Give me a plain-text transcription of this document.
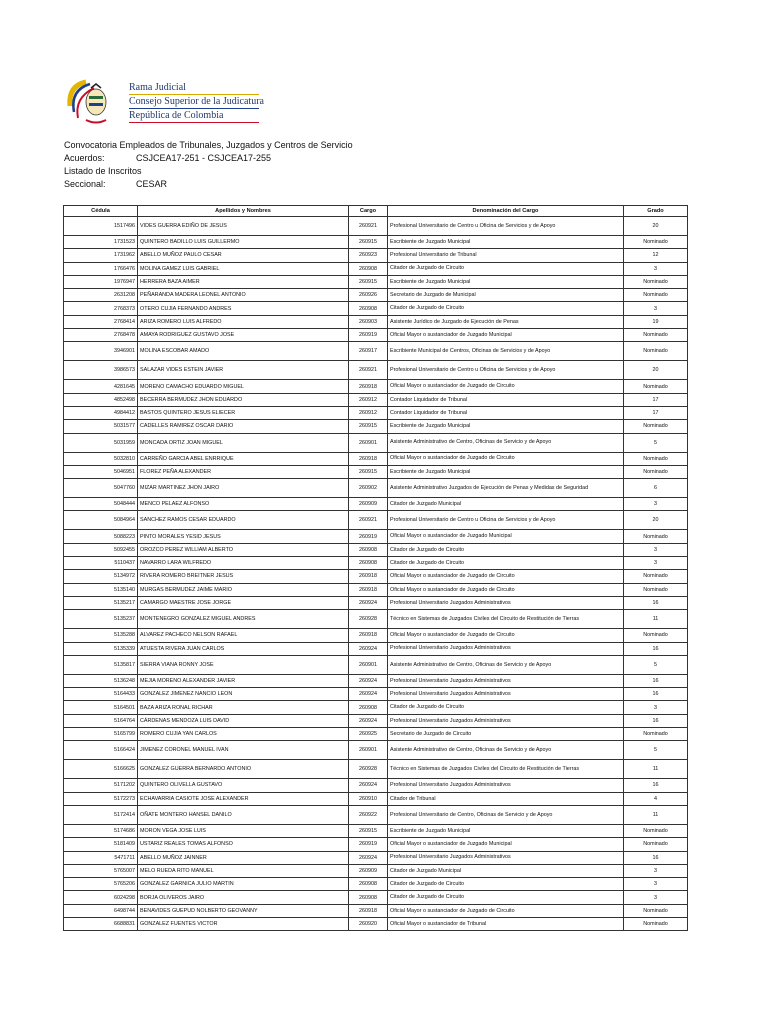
Rama Judicial
Consejo Superior de la Judicatura
República de Colombia
Convocatoria Empleados de Tribunales, Juzgados y Centros de Servicio
Acuerdos:	CSJCEA17-251 - CSJCEA17-255
Listado de Inscritos
Seccional:	CESAR
Cédula	Apellidos y Nombres	Cargo	Denominación del Cargo	Grado
1517496	VIDES GUERRA EDIÑO DE JESUS	260921	Profesional Universitario de Centro u Oficina de Servicios y de Apoyo	20
1731523	QUINTERO BADILLO LUIS GUILLERMO	260915	Escribiente de Juzgado Municipal	Nominado
1731962	ABELLO MUÑOZ PAULO CESAR	260923	Profesional Universitario de Tribunal	12
1766476	MOLINA GAMEZ LUIS GABRIEL	260908	Citador de Juzgado de Circuito	3
1976947	HERRERA BAZA AIMER	260915	Escribiente de Juzgado Municipal	Nominado
2631208	PEÑARANDA MADERA LEONEL ANTONIO	260926	Secretario de Juzgado de Municipal	Nominado
2768373	OTERO CUJIA FERNANDO ANDRES	260908	Citador de Juzgado de Circuito	3
2768414	ARIZA ROMERO LUIS ALFREDO	260903	Asistente Jurídico de Juzgado de Ejecución de Penas	19
2768478	AMAYA RODRIGUEZ GUSTAVO JOSE	260919	Oficial Mayor o sustanciador de Juzgado Municipal	Nominado
3946901	MOLINA ESCOBAR AMADO	260917	Escribiente Municipal de Centros, Oficinas de Servicios y de Apoyo	Nominado
3986573	SALAZAR VIDES ESTEIN JAVIER	260921	Profesional Universitario de Centro u Oficina de Servicios y de Apoyo	20
4281645	MORENO CAMACHO EDUARDO MIGUEL	260918	Oficial Mayor o sustanciador de Juzgado de Circuito	Nominado
4852498	BECERRA BERMUDEZ JHON EDUARDO	260912	Contador Liquidador de Tribunal	17
4984412	BASTOS QUINTERO JESUS ELIECER	260912	Contador Liquidador de Tribunal	17
5031577	CADELLES RAMIREZ OSCAR DARIO	260915	Escribiente de Juzgado Municipal	Nominado
5031959	MONCADA ORTIZ JOAN MIGUEL	260901	Asistente Administrativo de Centro, Oficinas de Servicio y de Apoyo	5
5032810	CARREÑO GARCIA ABEL ENRRIQUE	260918	Oficial Mayor o sustanciador de Juzgado de Circuito	Nominado
5046951	FLOREZ PEÑA ALEXANDER	260915	Escribiente de Juzgado Municipal	Nominado
5047760	MIZAR MARTINEZ JHON JAIRO	260902	Asistente Administrativo Juzgados de Ejecución de Penas y Medidas de Seguridad	6
5048444	MENCO PELAEZ ALFONSO	260909	Citador de Juzgado Municipal	3
5084964	SANCHEZ RAMOS CESAR EDUARDO	260921	Profesional Universitario de Centro u Oficina de Servicios y de Apoyo	20
5088223	PINTO MORALES YESID JESUS	260919	Oficial Mayor o sustanciador de Juzgado Municipal	Nominado
5092455	OROZCO PEREZ WILLIAM ALBERTO	260908	Citador de Juzgado de Circuito	3
5110437	NAVARRO LARA WILFREDO	260908	Citador de Juzgado de Circuito	3
5134972	RIVERA ROMERO BREITNER JESUS	260918	Oficial Mayor o sustanciador de Juzgado de Circuito	Nominado
5135140	MURGAS BERMUDEZ JAIME MARIO	260918	Oficial Mayor o sustanciador de Juzgado de Circuito	Nominado
5135217	CAMARGO MAESTRE JOSE JORGE	260924	Profesional Universitario Juzgados Administrativos	16
5135237	MONTENEGRO GONZALEZ MIGUEL ANDRES	260928	Técnico en Sistemas de Juzgados Civiles del Circuito de Restitución de Tierras	11
5135288	ALVAREZ PACHECO NELSON RAFAEL	260918	Oficial Mayor o sustanciador de Juzgado de Circuito	Nominado
5135339	ATUESTA RIVERA JUAN CARLOS	260924	Profesional Universitario Juzgados Administrativos	16
5135817	SIERRA VIANA RONNY JOSE	260901	Asistente Administrativo de Centro, Oficinas de Servicio y de Apoyo	5
5136248	MEJIA MORENO ALEXANDER JAVIER	260924	Profesional Universitario Juzgados Administrativos	16
5164433	GONZALEZ JIMENEZ NANCIO LEON	260924	Profesional Universitario Juzgados Administrativos	16
5164501	BAZA ARIZA RONAL RICHAR	260908	Citador de Juzgado de Circuito	3
5164764	CÁRDENAS MENDOZA LUIS DAVID	260924	Profesional Universitario Juzgados Administrativos	16
5165799	ROMERO CUJIA YAN CARLOS	260925	Secretario de Juzgado de Circuito	Nominado
5166424	JIMENEZ CORONEL MANUEL IVAN	260901	Asistente Administrativo de Centro, Oficinas de Servicio y de Apoyo	5
5166625	GONZALEZ GUERRA BERNARDO ANTONIO	260928	Técnico en Sistemas de Juzgados Civiles del Circuito de Restitución de Tierras	11
5171202	QUINTERO OLIVELLA GUSTAVO	260924	Profesional Universitario Juzgados Administrativos	16
5172273	ECHAVARRIA CASIOTE JOSE ALEXANDER	260910	Citador de Tribunal	4
5172414	OÑATE MONTERO HANSEL DANILO	260922	Profesional Universitario de Centro, Oficinas de Servicio y de Apoyo	11
5174686	MORON VEGA JOSE LUIS	260915	Escribiente de Juzgado Municipal	Nominado
5181409	USTARIZ REALES TOMAS ALFONSO	260919	Oficial Mayor o sustanciador de Juzgado Municipal	Nominado
5471711	ABELLO MUÑOZ JAINNER	260924	Profesional Universitario Juzgados Administrativos	16
5765007	MELO RUEDA RITO MANUEL	260909	Citador de Juzgado Municipal	3
5765206	GONZALEZ GARNICA JULIO MARTIN	260908	Citador de Juzgado de Circuito	3
6024298	BORJA OLIVEROS JAIRO	260908	Citador de Juzgado de Circuito	3
6498744	BENAVIDES GUEPUD NOLBERTO GEOVANNY	260918	Oficial Mayor o sustanciador de Juzgado de Circuito	Nominado
6688831	GONZALEZ FUENTES VICTOR	260920	Oficial Mayor o sustanciador de Tribunal	Nominado
